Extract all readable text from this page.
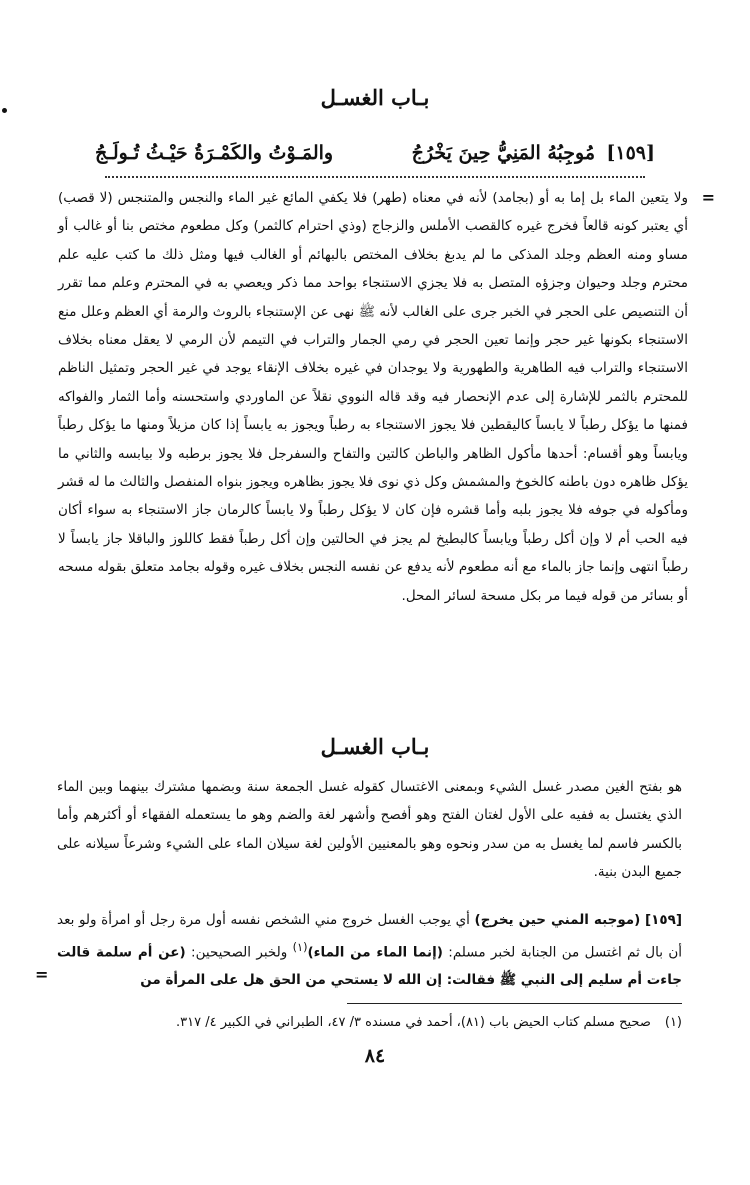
بـاب الغسـل
[١٥٩]
مُوجِبُهُ المَنِيُّ حِينَ يَخْرُجُ
والمَـوْتُ والكَمْـرَةُ حَيْـثُ تُـولَـجُ
=

ولا يتعين الماء بل إما به أو (بجامد) لأنه في معناه (طهر) فلا يكفي المائع غير الماء والنجس والمتنجس (لا قصب) أي يعتبر كونه قالعاً فخرج غيره كالقصب الأملس والزجاج (وذي احترام كالثمر) وكل مطعوم مختص بنا أو غالب أو مساو ومنه العظم وجلد المذكى ما لم يدبغ بخلاف المختص بالبهائم أو الغالب فيها ومثل ذلك ما كتب عليه علم محترم وجلد وحيوان وجزؤه المتصل به فلا يجزي الاستنجاء بواحد مما ذكر ويعصي به في المحترم وعلم مما تقرر أن التنصيص على الحجر في الخبر جرى على الغالب لأنه ﷺ نهى عن الإستنجاء بالروث والرمة أي العظم وعلل منع الاستنجاء بكونها غير حجر وإنما تعين الحجر في رمي الجمار والتراب في التيمم لأن الرمي لا يعقل معناه بخلاف الاستنجاء والتراب فيه الطاهرية والطهورية ولا يوجدان في غيره بخلاف الإنقاء يوجد في غير الحجر وتمثيل الناظم للمحترم بالثمر للإشارة إلى عدم الإنحصار فيه وقد قاله النووي نقلاً عن الماوردي واستحسنه وأما الثمار والفواكه فمنها ما يؤكل رطباً لا يابساً كاليقطين فلا يجوز الاستنجاء به رطباً ويجوز به يابساً إذا كان مزيلاً ومنها ما يؤكل رطباً ويابساً وهو أقسام: أحدها مأكول الظاهر والباطن كالتين والتفاح والسفرجل فلا يجوز برطبه ولا بيابسه والثاني ما يؤكل ظاهره دون باطنه كالخوخ والمشمش وكل ذي نوى فلا يجوز بظاهره ويجوز بنواه المنفصل والثالث ما له قشر ومأكوله في جوفه فلا يجوز بلبه وأما قشره فإن كان لا يؤكل رطباً ولا يابساً كالرمان جاز الاستنجاء به سواء أكان فيه الحب أم لا وإن أكل رطباً ويابساً كالبطيخ لم يجز في الحالتين وإن أكل رطباً فقط كاللوز والباقلا جاز يابساً لا رطباً انتهى وإنما جاز بالماء مع أنه مطعوم لأنه يدفع عن نفسه النجس بخلاف غيره وقوله بجامد متعلق بقوله مسحه أو بسائر من قوله فيما مر بكل مسحة لسائر المحل.

بـاب الغسـل

هو بفتح الغين مصدر غسل الشيء وبمعنى الاغتسال كقوله غسل الجمعة سنة وبضمها مشترك بينهما وبين الماء الذي يغتسل به ففيه على الأول لغتان الفتح وهو أفصح وأشهر لغة والضم وهو ما يستعمله الفقهاء أو أكثرهم وأما بالكسر فاسم لما يغسل به من سدر ونحوه وهو بالمعنيين الأولين لغة سيلان الماء على الشيء وشرعاً سيلانه على جميع البدن بنية.

[١٥٩] (موجبه المني حين يخرج) أي يوجب الغسل خروج مني الشخص نفسه أول مرة رجل أو امرأة ولو بعد أن بال ثم اغتسل من الجنابة لخبر مسلم: (إنما الماء من الماء)$^{(١)}$ ولخبر الصحيحين: (عن أم سلمة قالت جاءت أم سليم إلى النبي ﷺ فقالت: إن الله لا يستحي من الحق هل على المرأة من

=
(١)صحيح مسلم كتاب الحيض باب (٨١)، أحمد في مسنده ٣/ ٤٧، الطبراني في الكبير ٤/ ٣١٧.
٨٤
